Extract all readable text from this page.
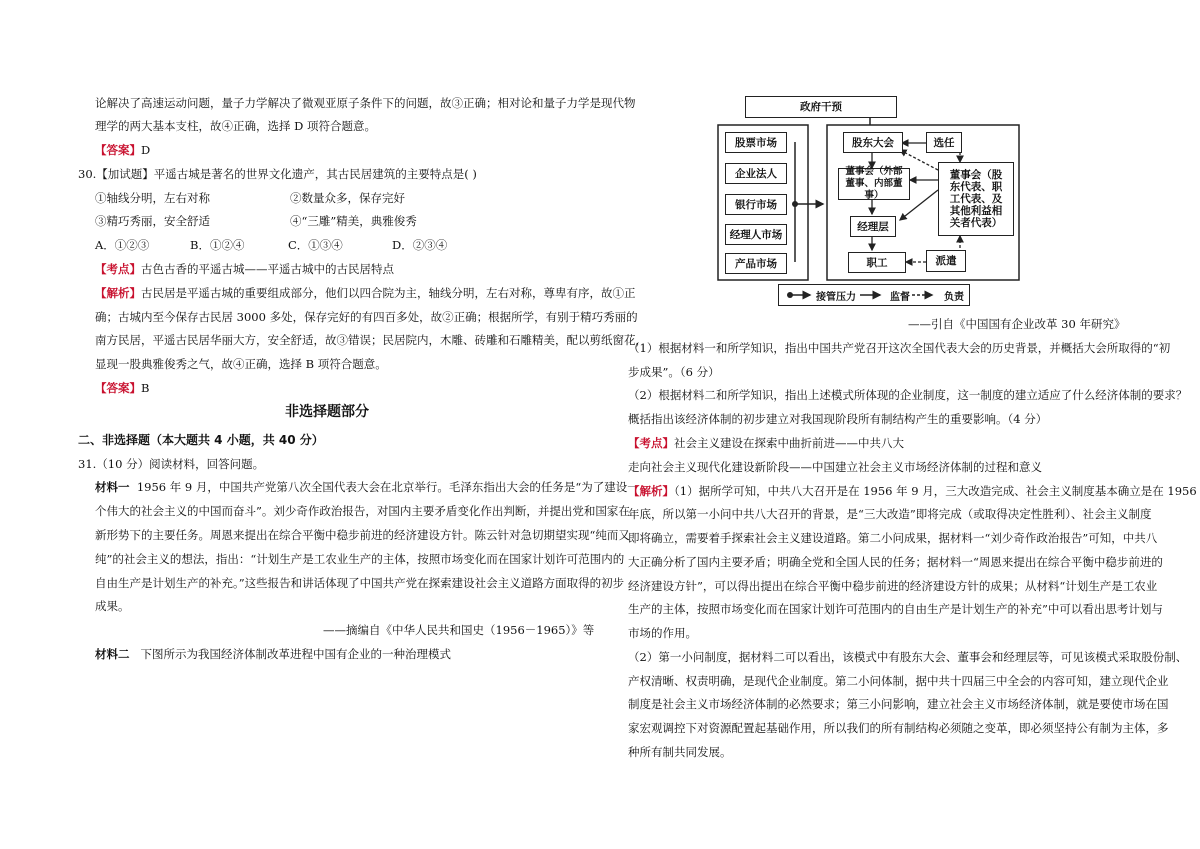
论解决了高速运动问题，量子力学解决了微观亚原子条件下的问题，故③正确；相对论和量子力学是现代物
理学的两大基本支柱，故④正确，选择 D 项符合题意。
【答案】D
30.【加试题】平遥古城是著名的世界文化遗产，其古民居建筑的主要特点是( )
①轴线分明，左右对称	②数量众多，保存完好
③精巧秀丽，安全舒适	④“三雕”精美，典雅俊秀
A．①②③	B．①②④	C．①③④	D．②③④
【考点】古色古香的平遥古城——平遥古城中的古民居特点
【解析】古民居是平遥古城的重要组成部分，他们以四合院为主，轴线分明，左右对称，尊卑有序，故①正
确；古城内至今保存古民居 3000 多处，保存完好的有四百多处，故②正确；根据所学，有别于精巧秀丽的
南方民居，平遥古民居华丽大方，安全舒适，故③错误；民居院内，木雕、砖雕和石雕精美，配以剪纸窗花，
显现一股典雅俊秀之气，故④正确，选择 B 项符合题意。
【答案】B
非选择题部分
二、非选择题（本大题共 4 小题，共 40 分）
31.（10 分）阅读材料，回答问题。
材料一 1956 年 9 月，中国共产党第八次全国代表大会在北京举行。毛泽东指出大会的任务是“为了建设一
个伟大的社会主义的中国而奋斗”。刘少奇作政治报告，对国内主要矛盾变化作出判断，并提出党和国家在
新形势下的主要任务。周恩来提出在综合平衡中稳步前进的经济建设方针。陈云针对急切期望实现“纯而又
纯”的社会主义的想法，指出：“计划生产是工农业生产的主体，按照市场变化而在国家计划许可范围内的
自由生产是计划生产的补充。”这些报告和讲话体现了中国共产党在探索建设社会主义道路方面取得的初步
成果。
——摘编自《中华人民共和国史（1956－1965）》等
材料二 下图所示为我国经济体制改革进程中国有企业的一种治理模式
政府干预
股票市场
企业法人
银行市场
经理人市场
产品市场
股东大会	选任
董事会（外部
董事、内部董事）
董事会（股
东代表、职
工代表、及
其他利益相
关者代表）
经理层
职工	派遣
接管压力	监督	负责
——引自《中国国有企业改革 30 年研究》
（1）根据材料一和所学知识，指出中国共产党召开这次全国代表大会的历史背景，并概括大会所取得的“初
步成果”。（6 分）
（2）根据材料二和所学知识，指出上述模式所体现的企业制度，这一制度的建立适应了什么经济体制的要求？
概括指出该经济体制的初步建立对我国现阶段所有制结构产生的重要影响。（4 分）
【考点】社会主义建设在探索中曲折前进——中共八大
走向社会主义现代化建设新阶段——中国建立社会主义市场经济体制的过程和意义
【解析】（1）据所学可知，中共八大召开是在 1956 年 9 月，三大改造完成、社会主义制度基本确立是在 1956
年底，所以第一小问中共八大召开的背景，是“三大改造”即将完成（或取得决定性胜利）、社会主义制度
即将确立，需要着手探索社会主义建设道路。第二小问成果，据材料一“刘少奇作政治报告”可知，中共八
大正确分析了国内主要矛盾；明确全党和全国人民的任务；据材料一“周恩来提出在综合平衡中稳步前进的
经济建设方针”，可以得出提出在综合平衡中稳步前进的经济建设方针的成果；从材料“计划生产是工农业
生产的主体，按照市场变化而在国家计划许可范围内的自由生产是计划生产的补充”中可以看出思考计划与
市场的作用。
（2）第一小问制度，据材料二可以看出，该模式中有股东大会、董事会和经理层等，可见该模式采取股份制、
产权清晰、权责明确，是现代企业制度。第二小问体制，据中共十四届三中全会的内容可知，建立现代企业
制度是社会主义市场经济体制的必然要求；第三小问影响，建立社会主义市场经济体制，就是要使市场在国
家宏观调控下对资源配置起基础作用，所以我们的所有制结构必须随之变革，即必须坚持公有制为主体，多
种所有制共同发展。
